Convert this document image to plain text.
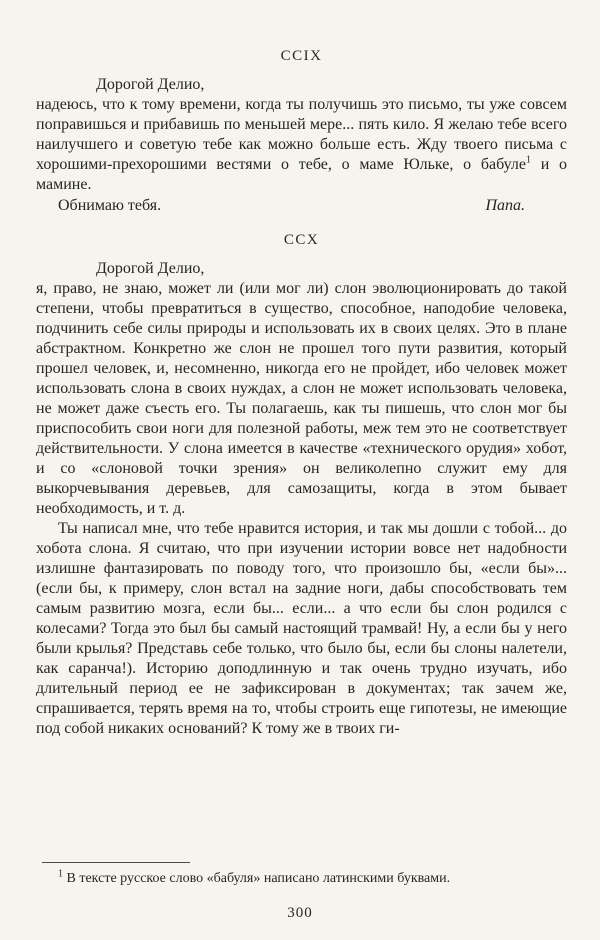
CCIX

Дорогой Делио,

надеюсь, что к тому времени, когда ты получишь это письмо, ты уже совсем поправишься и прибавишь по меньшей мере... пять кило. Я желаю тебе всего наилучшего и советую тебе как можно больше есть. Жду твоего письма с хорошими-прехорошими вестями о тебе, о маме Юльке, о бабуле$^1$ и о мамине.

Обнимаю тебя.	Папа.
CCX

Дорогой Делио,

я, право, не знаю, может ли (или мог ли) слон эволюционировать до такой степени, чтобы превратиться в существо, способное, наподобие человека, подчинить себе силы природы и использовать их в своих целях. Это в плане абстрактном. Конкретно же слон не прошел того пути развития, который прошел человек, и, несомненно, никогда его не пройдет, ибо человек может использовать слона в своих нуждах, а слон не может использовать человека, не может даже съесть его. Ты полагаешь, как ты пишешь, что слон мог бы приспособить свои ноги для полезной работы, меж тем это не соответствует действительности. У слона имеется в качестве «технического орудия» хобот, и со «слоновой точки зрения» он великолепно служит ему для выкорчевывания деревьев, для самозащиты, когда в этом бывает необходимость, и т. д.

Ты написал мне, что тебе нравится история, и так мы дошли с тобой... до хобота слона. Я считаю, что при изучении истории вовсе нет надобности излишне фантазировать по поводу того, что произошло бы, «если бы»... (если бы, к примеру, слон встал на задние ноги, дабы способствовать тем самым развитию мозга, если бы... если... а что если бы слон родился с колесами? Тогда это был бы самый настоящий трамвай! Ну, а если бы у него были крылья? Представь себе только, что было бы, если бы слоны налетели, как саранча!). Историю доподлинную и так очень трудно изучать, ибо длительный период ее не зафиксирован в документах; так зачем же, спрашивается, терять время на то, чтобы строить еще гипотезы, не имеющие под собой никаких оснований? К тому же в твоих ги-

$^1$ В тексте русское слово «бабуля» написано латинскими буквами.

300
